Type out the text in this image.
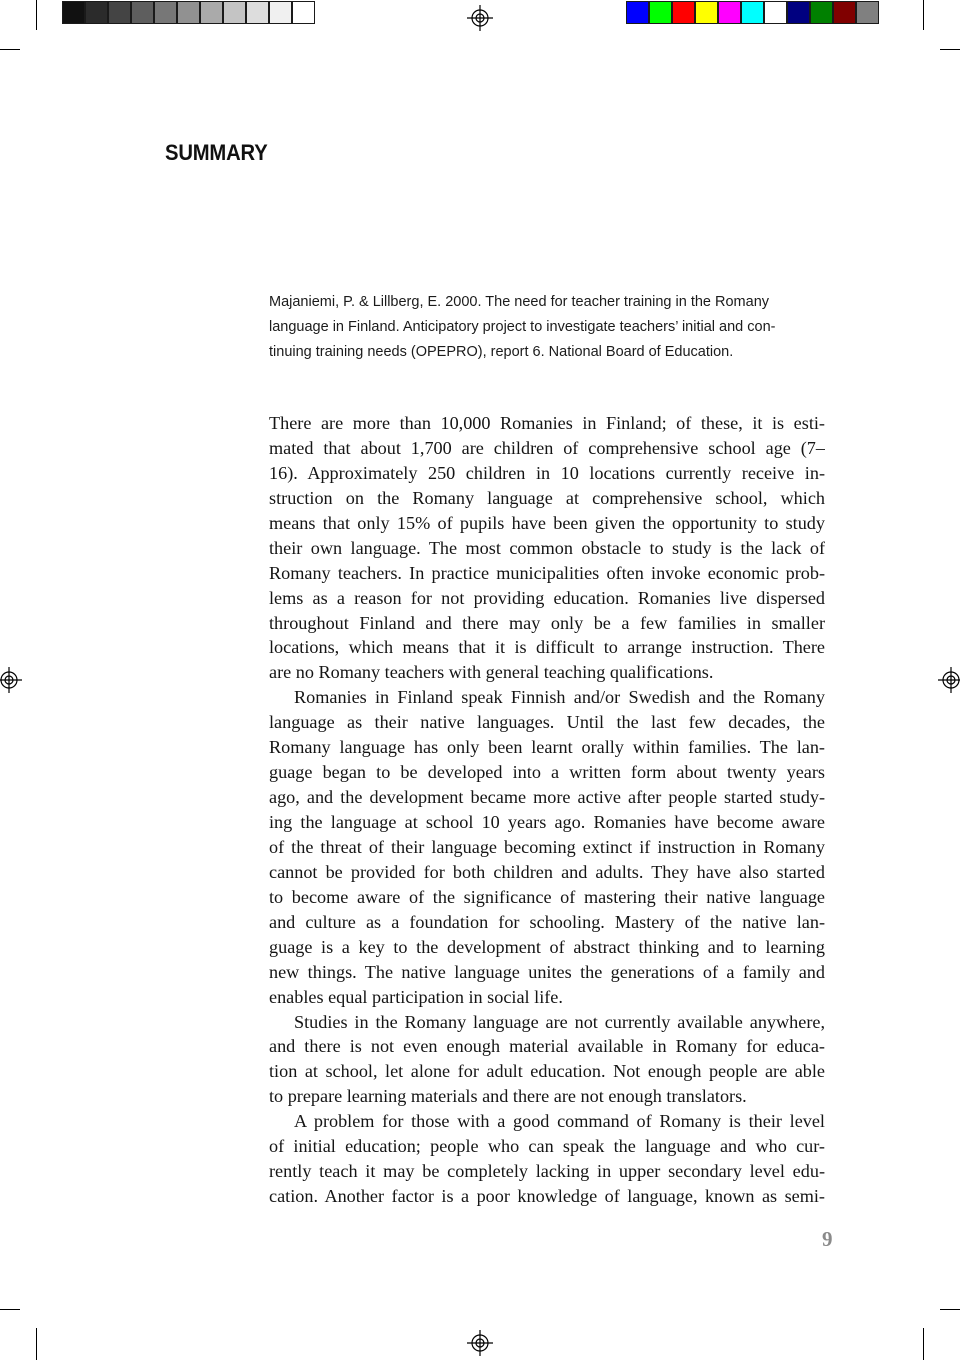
SUMMARY
Majaniemi, P. & Lillberg, E. 2000. The need for teacher training in the Romany
language in Finland. Anticipatory project to investigate teachers’ initial and con-
tinuing training needs (OPEPRO), report 6. National Board of Education.
There are more than 10,000 Romanies in Finland; of these, it is esti-
mated that about 1,700 are children of comprehensive school age (7–
16). Approximately 250 children in 10 locations currently receive in-
struction on the Romany language at comprehensive school, which
means that only 15% of pupils have been given the opportunity to study
their own language. The most common obstacle to study is the lack of
Romany teachers. In practice municipalities often invoke economic prob-
lems as a reason for not providing education. Romanies live dispersed
throughout Finland and there may only be a few families in smaller
locations, which means that it is difficult to arrange instruction. There
are no Romany teachers with general teaching qualifications.
Romanies in Finland speak Finnish and/or Swedish and the Romany
language as their native languages. Until the last few decades, the
Romany language has only been learnt orally within families. The lan-
guage began to be developed into a written form about twenty years
ago, and the development became more active after people started study-
ing the language at school 10 years ago. Romanies have become aware
of the threat of their language becoming extinct if instruction in Romany
cannot be provided for both children and adults. They have also started
to become aware of the significance of mastering their native language
and culture as a foundation for schooling. Mastery of the native lan-
guage is a key to the development of abstract thinking and to learning
new things. The native language unites the generations of a family and
enables equal participation in social life.
Studies in the Romany language are not currently available anywhere,
and there is not even enough material available in Romany for educa-
tion at school, let alone for adult education. Not enough people are able
to prepare learning materials and there are not enough translators.
A problem for those with a good command of Romany is their level
of initial education; people who can speak the language and who cur-
rently teach it may be completely lacking in upper secondary level edu-
cation. Another factor is a poor knowledge of language, known as semi-
9
